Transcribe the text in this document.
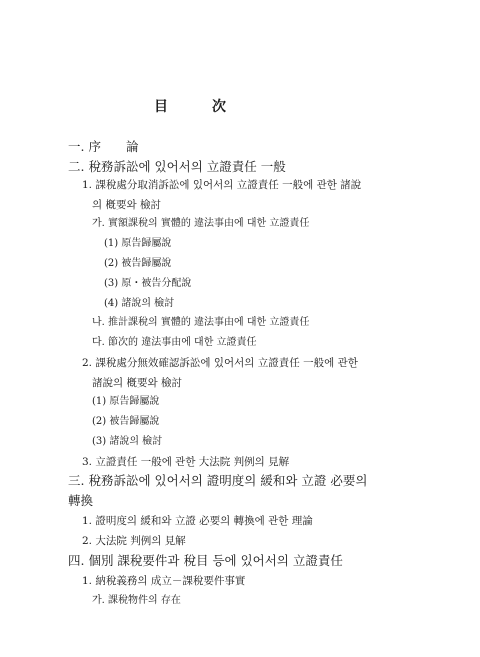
目	次
一. 序　　論
二. 稅務訴訟에 있어서의 立證責任 一般
1. 課稅處分取消訴訟에 있어서의 立證責任 一般에 관한 諸說
의 槪要와 檢討
가. 實額課稅의 實體的 違法事由에 대한 立證責任
(1) 原告歸屬說
(2) 被告歸屬說
(3) 原・被告分配說
(4) 諸說의 檢討
나. 推計課稅의 實體的 違法事由에 대한 立證責任
다. 節次的 違法事由에 대한 立證責任
2. 課稅處分無效確認訴訟에 있어서의 立證責任 一般에 관한
諸說의 槪要와 檢討
(1) 原告歸屬說
(2) 被告歸屬說
(3) 諸說의 檢討
3. 立證責任 一般에 관한 大法院 判例의 見解
三. 稅務訴訟에 있어서의 證明度의 緩和와 立證 必要의
轉換
1. 證明度의 緩和와 立證 必要의 轉換에 관한 理論
2. 大法院 判例의 見解
四. 個別 課稅要件과 稅目 등에 있어서의 立證責任
1. 納稅義務의 成立－課稅要件事實
가. 課稅物件의 存在
